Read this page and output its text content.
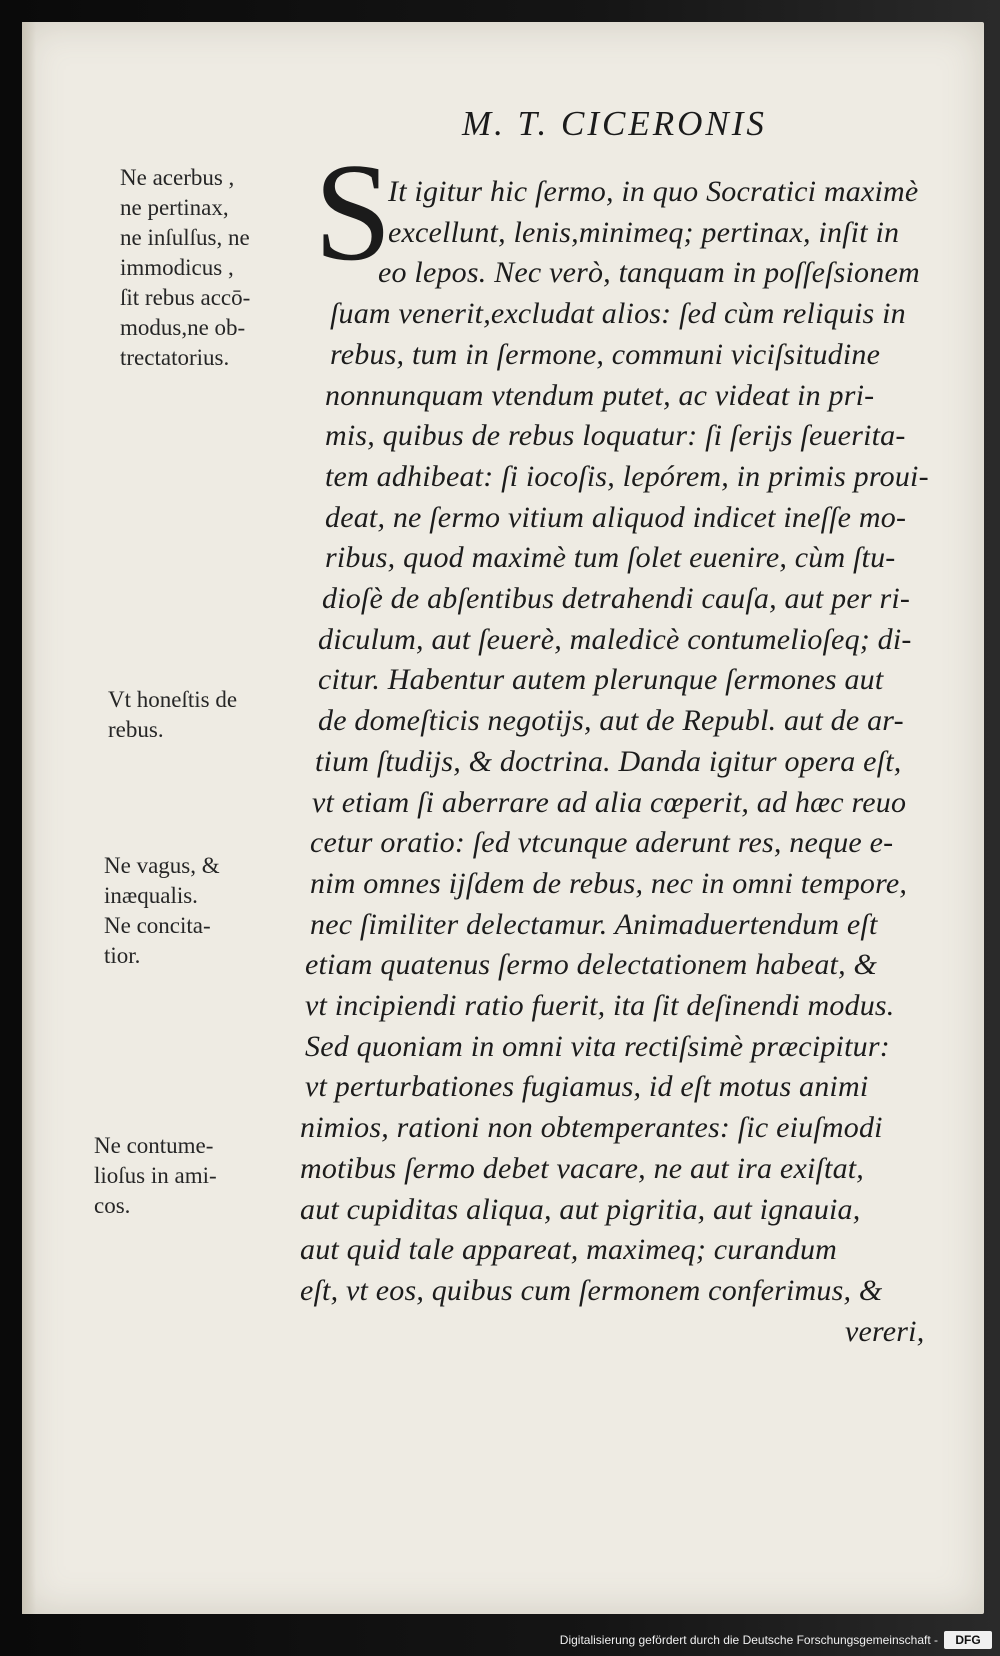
M. T. CICERONIS
S

It igitur hic ſermo, in quo Socratici maximè

excellunt, lenis,minimeq; pertinax, inſit in

eo lepos. Nec verò, tanquam in poſſeſsionem

ſuam venerit,excludat alios: ſed cùm reliquis in

rebus, tum in ſermone, communi viciſsitudine

nonnunquam vtendum putet, ac videat in pri-

mis, quibus de rebus loquatur: ſi ſerijs ſeuerita-

tem adhibeat: ſi iocoſis, lepórem, in primis proui-

deat, ne ſermo vitium aliquod indicet ineſſe mo-

ribus, quod maximè tum ſolet euenire, cùm ſtu-

dioſè de abſentibus detrahendi cauſa, aut per ri-

diculum, aut ſeuerè, maledicè contumelioſeq; di-

citur. Habentur autem plerunque ſermones aut

de domeſticis negotijs, aut de Republ. aut de ar-

tium ſtudijs, & doctrina. Danda igitur opera eſt,

vt etiam ſi aberrare ad alia cœperit, ad hæc reuo

cetur oratio: ſed vtcunque aderunt res, neque e-

nim omnes ijſdem de rebus, nec in omni tempore,

nec ſimiliter delectamur. Animaduertendum eſt

etiam quatenus ſermo delectationem habeat, &

vt incipiendi ratio fuerit, ita ſit deſinendi modus.

Sed quoniam in omni vita rectiſsimè præcipitur:

vt perturbationes fugiamus, id eſt motus animi

nimios, rationi non obtemperantes: ſic eiuſmodi

motibus ſermo debet vacare, ne aut ira exiſtat,

aut cupiditas aliqua, aut pigritia, aut ignauia,

aut quid tale appareat, maximeq; curandum

eſt, vt eos, quibus cum ſermonem conferimus, &

vereri,

Ne acerbus ,

ne pertinax,

ne inſulſus, ne

immodicus ,

ſit rebus accō-

modus,ne ob-

trectatorius.

Vt honeſtis de

rebus.

Ne vagus, &

inæqualis.

Ne concita-

tior.

Ne contume-

lioſus in ami-

cos.

Digitalisierung gefördert durch die Deutsche Forschungsgemeinschaft -	DFG
